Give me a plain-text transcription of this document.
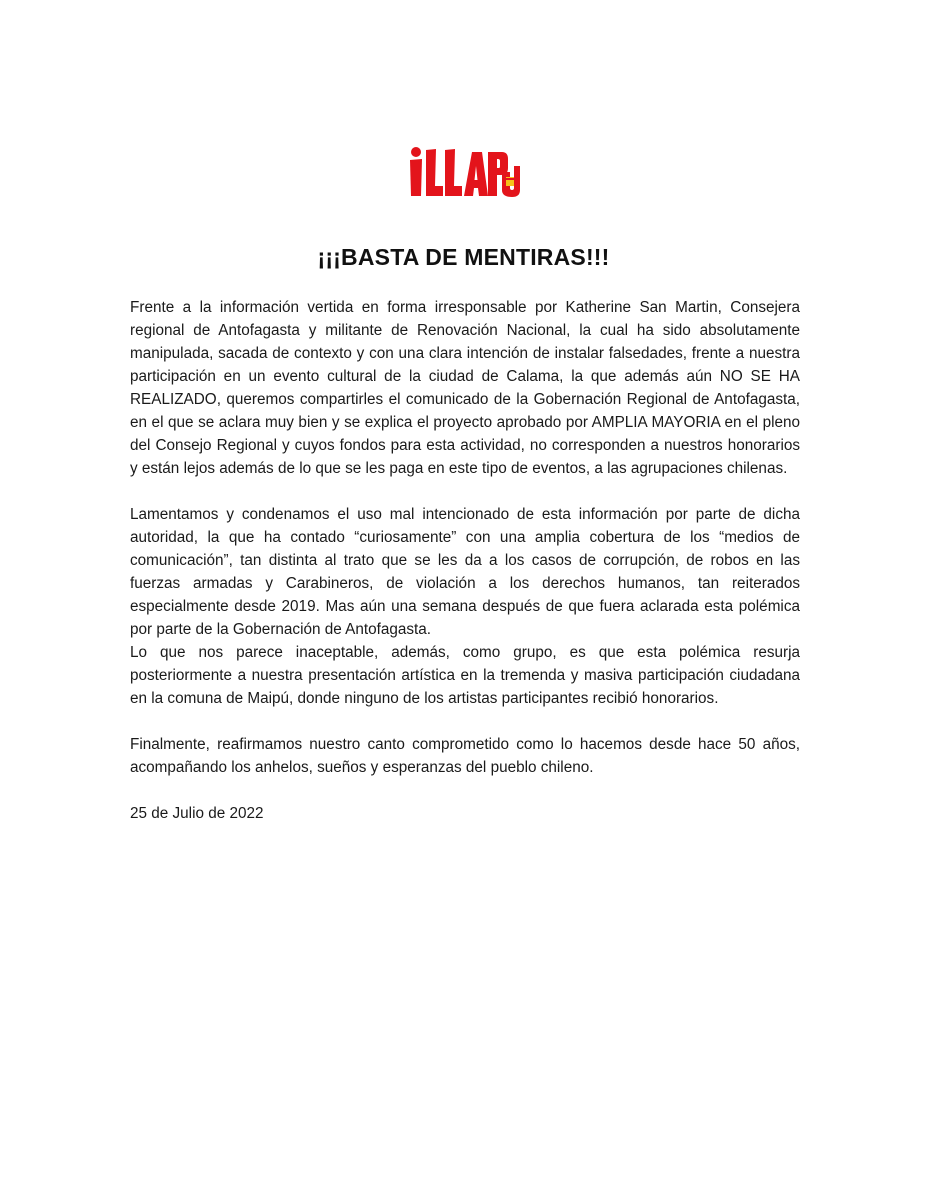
¡¡¡BASTA DE MENTIRAS!!!

Frente a la información vertida en forma irresponsable por Katherine San Martin, Consejera regional de Antofagasta y militante de Renovación Nacional, la cual ha sido absolutamente manipulada, sacada de contexto y con una clara intención de instalar falsedades, frente a nuestra participación en un evento cultural de la ciudad de Calama, la que además aún NO SE HA REALIZADO, queremos compartirles el comunicado de la Gobernación Regional de Antofagasta, en el que se aclara muy bien y se explica el proyecto aprobado por AMPLIA MAYORIA en el pleno del Consejo Regional y cuyos fondos para esta actividad, no corresponden a nuestros honorarios y están lejos además de lo que se les paga en este tipo de eventos, a las agrupaciones chilenas.

Lamentamos y condenamos el uso mal intencionado de esta información por parte de dicha autoridad, la que ha contado “curiosamente” con una amplia cobertura de los “medios de comunicación”, tan distinta al trato que se les da a los casos de corrupción, de robos en las fuerzas armadas y Carabineros, de violación a los derechos humanos, tan reiterados especialmente desde 2019. Mas aún una semana después de que fuera aclarada esta polémica por parte de la Gobernación de Antofagasta.

Lo que nos parece inaceptable, además, como grupo, es que esta polémica resurja posteriormente a nuestra presentación artística en la tremenda y masiva participación ciudadana en la comuna de Maipú, donde ninguno de los artistas participantes recibió honorarios.

Finalmente, reafirmamos nuestro canto comprometido como lo hacemos desde hace 50 años, acompañando los anhelos, sueños y esperanzas del pueblo chileno.

25 de Julio de 2022
